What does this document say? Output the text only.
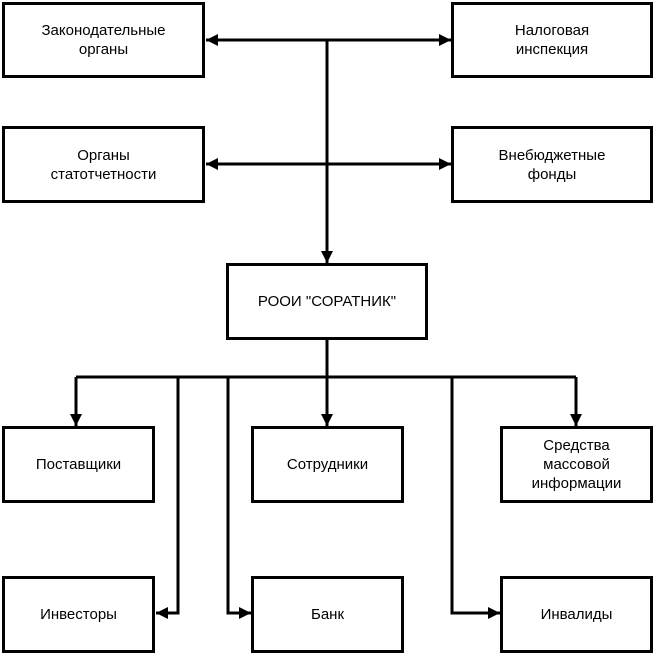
Законодательные
органы
Налоговая
инспекция
Органы
статотчетности
Внебюджетные
фонды
РООИ "СОРАТНИК"
Поставщики	Сотрудники
Средства
массовой
информации
Инвесторы	Банк	Инвалиды
